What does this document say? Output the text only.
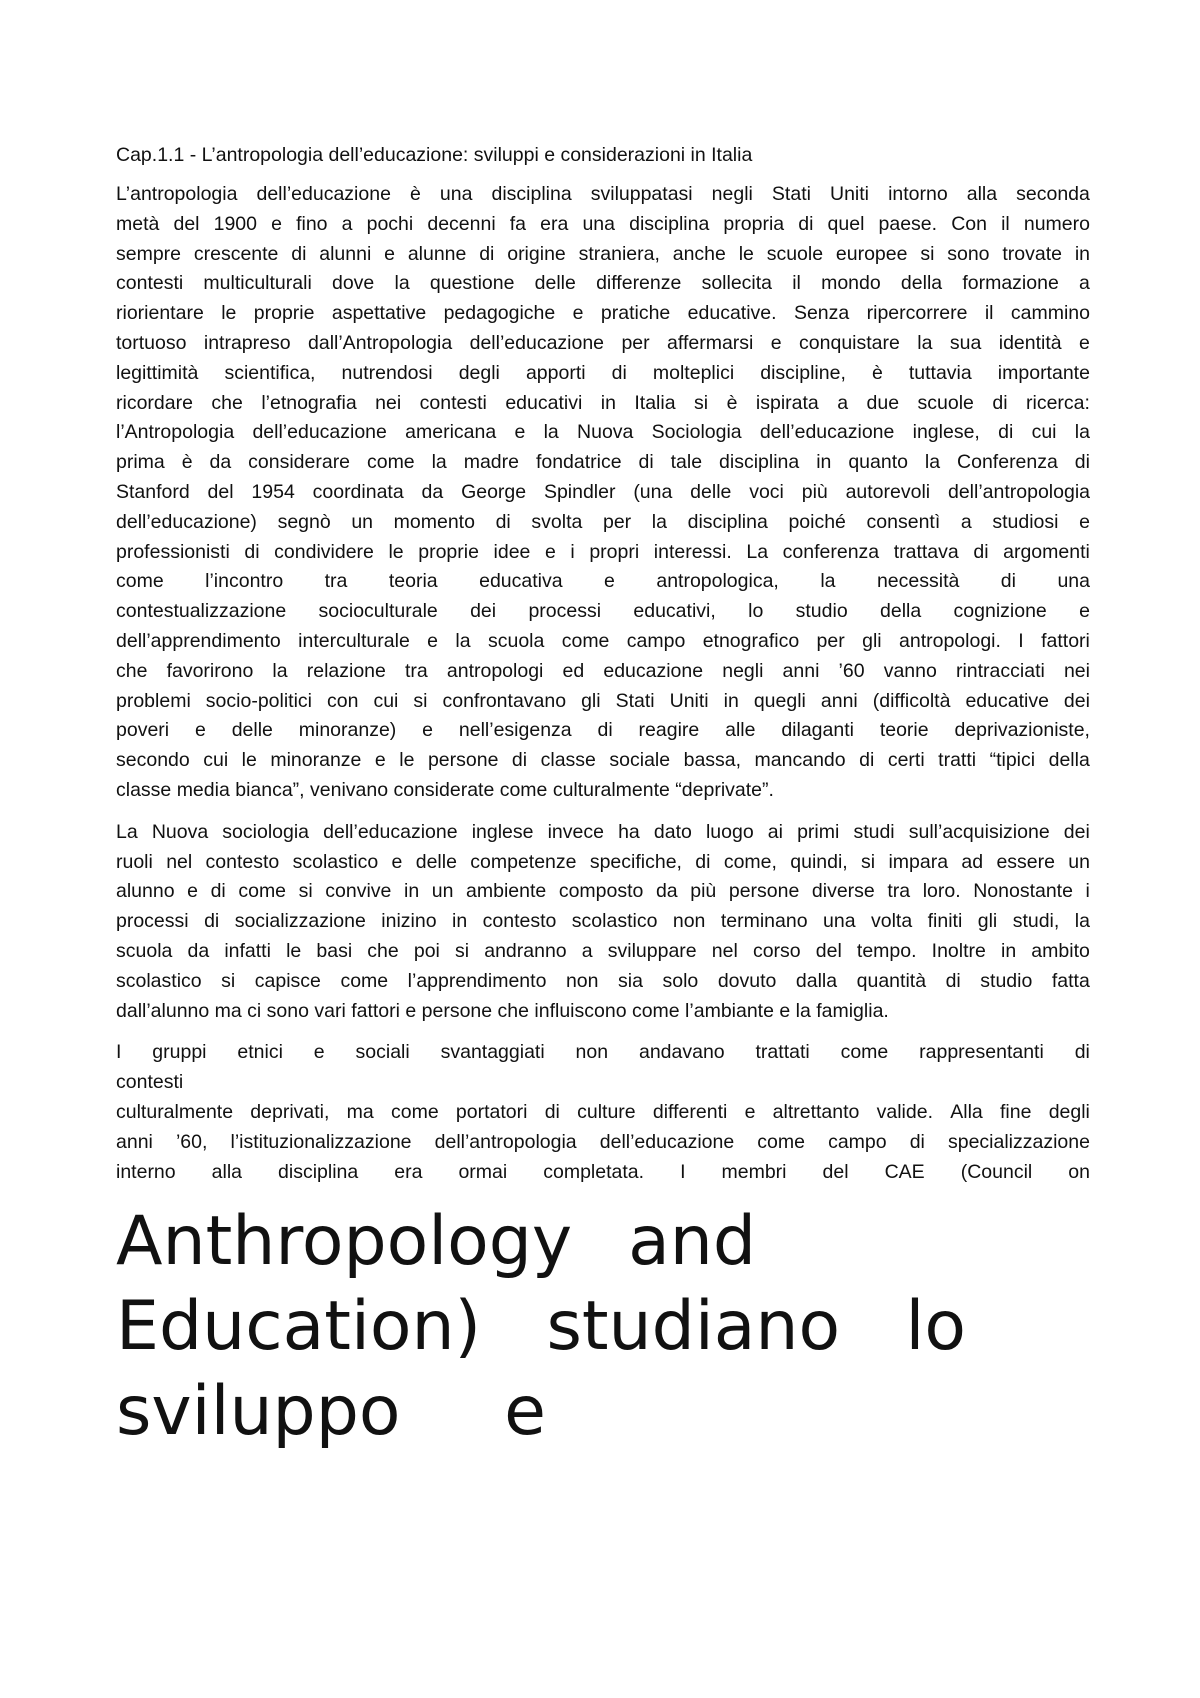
Cap.1.1 - L’antropologia dell’educazione: sviluppi e considerazioni in Italia
L’antropologia dell’educazione è una disciplina sviluppatasi negli Stati Uniti intorno alla seconda
metà del 1900 e fino a pochi decenni fa era una disciplina propria di quel paese. Con il numero
sempre crescente di alunni e alunne di origine straniera, anche le scuole europee si sono trovate in
contesti multiculturali dove la questione delle differenze sollecita il mondo della formazione a
riorientare le proprie aspettative pedagogiche e pratiche educative. Senza ripercorrere il cammino
tortuoso intrapreso dall’Antropologia dell’educazione per affermarsi e conquistare la sua identità e
legittimità scientifica, nutrendosi degli apporti di molteplici discipline, è tuttavia importante
ricordare che l’etnografia nei contesti educativi in Italia si è ispirata a due scuole di ricerca:
l’Antropologia dell’educazione americana e la Nuova Sociologia dell’educazione inglese, di cui la
prima è da considerare come la madre fondatrice di tale disciplina in quanto la Conferenza di
Stanford del 1954 coordinata da George Spindler (una delle voci più autorevoli dell’antropologia
dell’educazione) segnò un momento di svolta per la disciplina poiché consentì a studiosi e
professionisti di condividere le proprie idee e i propri interessi. La conferenza trattava di argomenti
come l’incontro tra teoria educativa e antropologica, la necessità di una
contestualizzazione socioculturale dei processi educativi, lo studio della cognizione e
dell’apprendimento interculturale e la scuola come campo etnografico per gli antropologi. I fattori
che favorirono la relazione tra antropologi ed educazione negli anni ’60 vanno rintracciati nei
problemi socio-politici con cui si confrontavano gli Stati Uniti in quegli anni (difficoltà educative dei
poveri e delle minoranze) e nell’esigenza di reagire alle dilaganti teorie deprivazioniste,
secondo cui le minoranze e le persone di classe sociale bassa, mancando di certi tratti “tipici della
classe media bianca”, venivano considerate come culturalmente “deprivate”.
La Nuova sociologia dell’educazione inglese invece ha dato luogo ai primi studi sull’acquisizione dei
ruoli nel contesto scolastico e delle competenze specifiche, di come, quindi, si impara ad essere un
alunno e di come si convive in un ambiente composto da più persone diverse tra loro. Nonostante i
processi di socializzazione inizino in contesto scolastico non terminano una volta finiti gli studi, la
scuola da infatti le basi che poi si andranno a sviluppare nel corso del tempo. Inoltre in ambito
scolastico si capisce come l’apprendimento non sia solo dovuto dalla quantità di studio fatta
dall’alunno ma ci sono vari fattori e persone che influiscono come l’ambiante e la famiglia.
I gruppi etnici e sociali svantaggiati non andavano trattati come rappresentanti di
contesti
culturalmente deprivati, ma come portatori di culture differenti e altrettanto valide. Alla fine degli
anni ’60, l’istituzionalizzazione dell’antropologia dell’educazione come campo di specializzazione
interno alla disciplina era ormai completata. I membri del CAE (Council on
Anthropology and
Education) studiano lo
sviluppo e
